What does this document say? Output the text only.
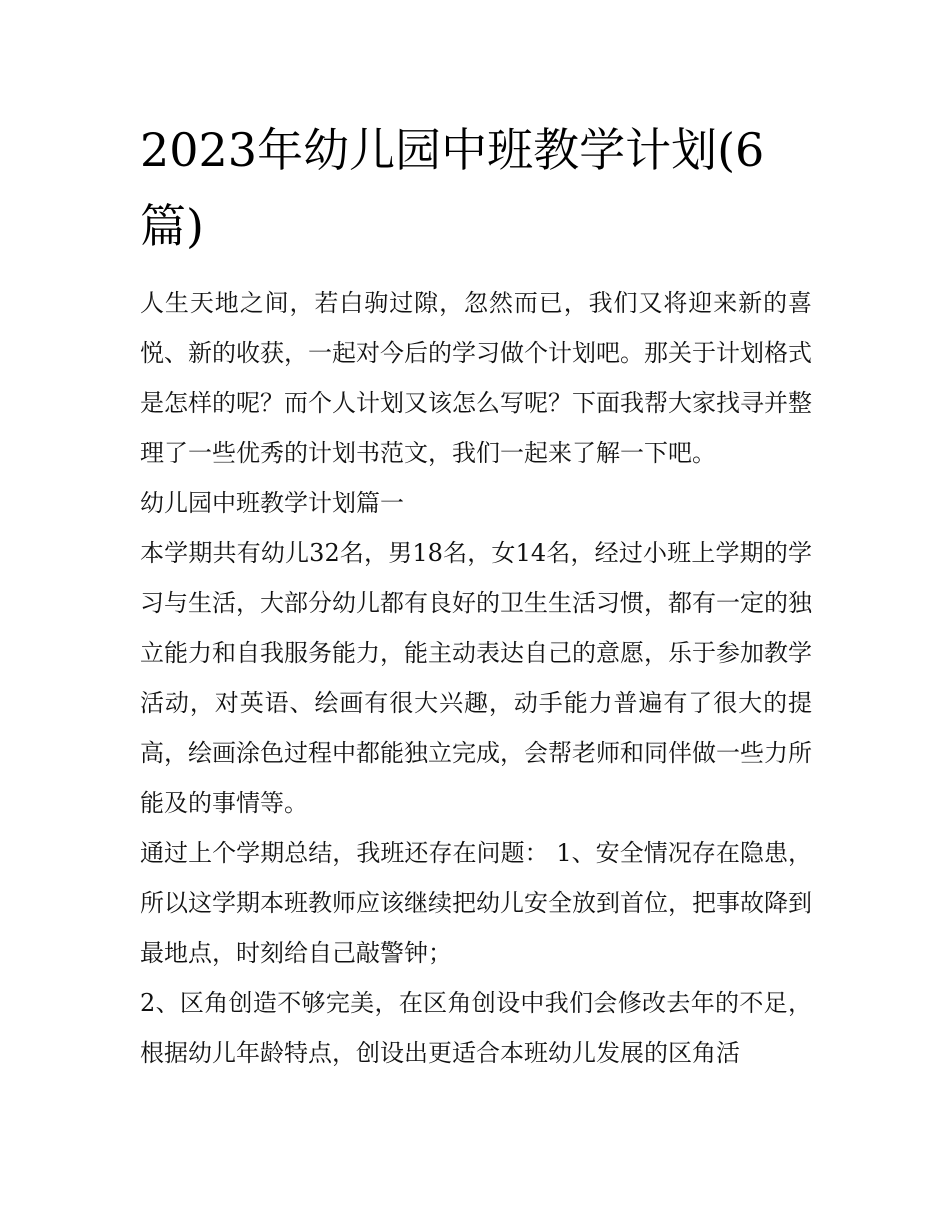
2023年幼儿园中班教学计划(6篇)

人生天地之间，若白驹过隙，忽然而已，我们又将迎来新的喜悦、新的收获，一起对今后的学习做个计划吧。那关于计划格式是怎样的呢？而个人计划又该怎么写呢？下面我帮大家找寻并整理了一些优秀的计划书范文，我们一起来了解一下吧。

幼儿园中班教学计划篇一

本学期共有幼儿32名，男18名，女14名，经过小班上学期的学习与生活，大部分幼儿都有良好的卫生生活习惯，都有一定的独立能力和自我服务能力，能主动表达自己的意愿，乐于参加教学活动，对英语、绘画有很大兴趣，动手能力普遍有了很大的提高，绘画涂色过程中都能独立完成，会帮老师和同伴做一些力所能及的事情等。

通过上个学期总结，我班还存在问题： 1、安全情况存在隐患，所以这学期本班教师应该继续把幼儿安全放到首位，把事故降到最地点，时刻给自己敲警钟；

2、区角创造不够完美，在区角创设中我们会修改去年的不足，根据幼儿年龄特点，创设出更适合本班幼儿发展的区角活
